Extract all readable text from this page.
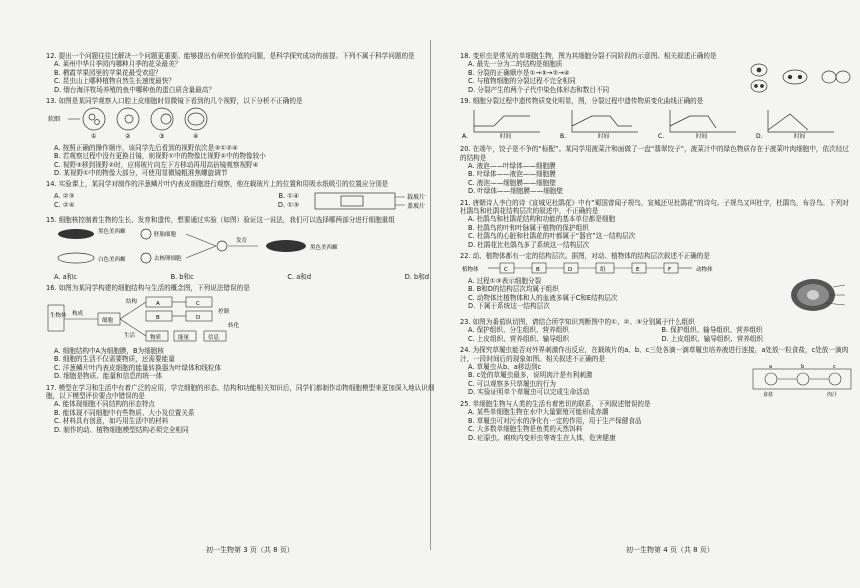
12. 提出一个问题往往比解决一个问题更重要。能够提出有研究价值的问题，是科学探究成功的前提。下列不属于科学问题的是
A. 莱州中华月季园内哪种月季的花朵最美？
B. 栖霞苹果园里的苹果花最受欢迎？
C. 昆虫山上哪种植物自然生长速度最快？
D. 烟台海洋牧场养殖的鱼中哪种鱼的蛋白质含量最高？
13. 如图是某同学观察人口腔上皮细胞时显微镜下看到的几个视野，以下分析不正确的是
软细
①	②	③	④
A. 按照正确的操作顺序，该同学先后看到的视野依次是③①②④
B. 若观察过程中没有更换目镜，则视野①中的物像比视野②中的物像较小
C. 视野③移到视野②时，应将玻片向左下方移动再用高倍镜观察视野④
D. 某视野①中的物像大部分，可使用显微镜粗准焦螺旋调节
14. 实验课上，某同学对制作的洋葱鳞片叶内表皮细胞进行观察，他在载玻片上的位置和用吸水纸吸引的位置应分别是
A. ②③	B. ①④
C. ②④	D. ①③
载玻片
盖玻片
15. 细胞核控制着生物的生长、发育和遗传，想要通过实验（如图）验证这一说法，我们可以选择哪两部分进行细胞重组
黑色美西螈
白色美西螈
胚胎细胞
去核卵细胞
发育
黑色美西螈
A. a和c	B. b和c	C. a和d	D. b和d
16. 如图为某同学构建的细胞结构与生活的概念图，下列说法错误的是
生物体 构成
细胞
结构	A
B
C
D
物质	能量
转化
信息
生活
控制
A. 细胞结构中A为细胞膜，B为细胞核
B. 细胞的生活不仅需要物质，还需要能量
C. 洋葱鳞片叶内表皮细胞的能量转换器为叶绿体和线粒体
D. 细胞是物质、能量和信息的统一体
17. 模型在学习和生活中有着广泛的应用，学完细胞的形态、结构和功能相关知识后，同学们都制作动物细胞模型来更加深入地认识细胞，以下模型评价要点中错误的是
A. 能体现细胞不同结构的形态特点
B. 能体现不同细胞中有些物质、大小及位置关系
C. 材料具有创意，如巧用生活中的材料
D. 制作的动、植物细胞模型结构必须完全相同
初一生物第 3 页（共 8 页）
18. 变形虫是常见的单细胞生物，图为其细胞分裂不同阶段的示意图。相关叙述正确的是
A. 最先一分为二的结构是细胞质
B. 分裂的正确顺序是①→③→②→④
C. 与植物细胞的分裂过程不完全相同
D. 分裂产生的两个子代中染色体形态和数目不同
19. 细胞分裂过程中遗传物质变化明显，图，分裂过程中遗传物质变化曲线正确的是
A.	B.	C.	D.
时间	时间	时间	时间
20. 在端午，饺子是不争的“标配”。某同学用菠菜汁和面做了一盘“翡翠饺子”，菠菜汁中的绿色物质存在于菠菜叶肉细胞中，依次经过的结构是
A. 液泡——叶绿体——细胞膜
B. 叶绿体——液泡——细胞膜
C. 液泡——细胞膜——细胞壁
D. 叶绿体——细胞膜——细胞壁
21. 唐朝诗人李白的诗《宣城见杜鹃花》中有“蜀国曾闻子规鸟，宣城还见杜鹃花”的诗句。子规鸟又叫杜宇，杜鹃鸟，布谷鸟。下列对杜鹃鸟和杜鹃花结构层次的叙述中，不正确的是
A. 杜鹃鸟和杜鹃花结构和功能的基本单位都是细胞
B. 杜鹃鸟的叶和叶脉属于植物的保护组织
C. 杜鹃鸟的心脏和杜鹃花的叶都属于“器官”这一结构层次
D. 杜鹃花比杜鹃鸟多了系统这一结构层次
22. 动、植物体都有一定的结构层次。据图，对动、植物体的结构层次叙述不正确的是
植物体	C	B	D	组	E	F	动物体
A. 过程①③表示细胞分裂
B. B和D的结构层次均属于组织
C. 动物体比植物体和人的血液多属于C和E结构层次
D. 下属于系统这一结构层次
23. 如图为番茄纵切图，请结合所学知识判断图中的①、②、③分别属于什么组织
A. 保护组织、分生组织、营养组织	B. 保护组织、输导组织、营养组织
C. 上皮组织、营养组织、输导组织	D. 上皮组织、输导组织、营养组织
24. 为探究草履虫能否对外界刺激作出反应，在载玻片的a、b、c三处各滴一滴草履虫培养液进行连接，a处放一粒食盐，c处放一滴肉汁，一段时间后的现象如图。相关叙述不正确的是
A. 草履虫从b、a移动到c
B. c处的草履虫最多，说明肉汁是有利刺激
C. 可以观察多只草履虫的行为
D. 实验证明单个草履虫可以完成生命活动
a	b	c
食盐	肉汁
25. 单细胞生物与人类的生活有着密切的联系，下列叙述错误的是
A. 某些单细胞生物在水中大量繁殖可能形成赤潮
B. 草履虫可对污水的净化有一定的作用，用于生产保健食品
C. 大多数单细胞生物是鱼类的天然饵料
D. 疟原虫、痢疾内变形虫等寄生在人体，危害健康
初一生物第 4 页（共 8 页）
